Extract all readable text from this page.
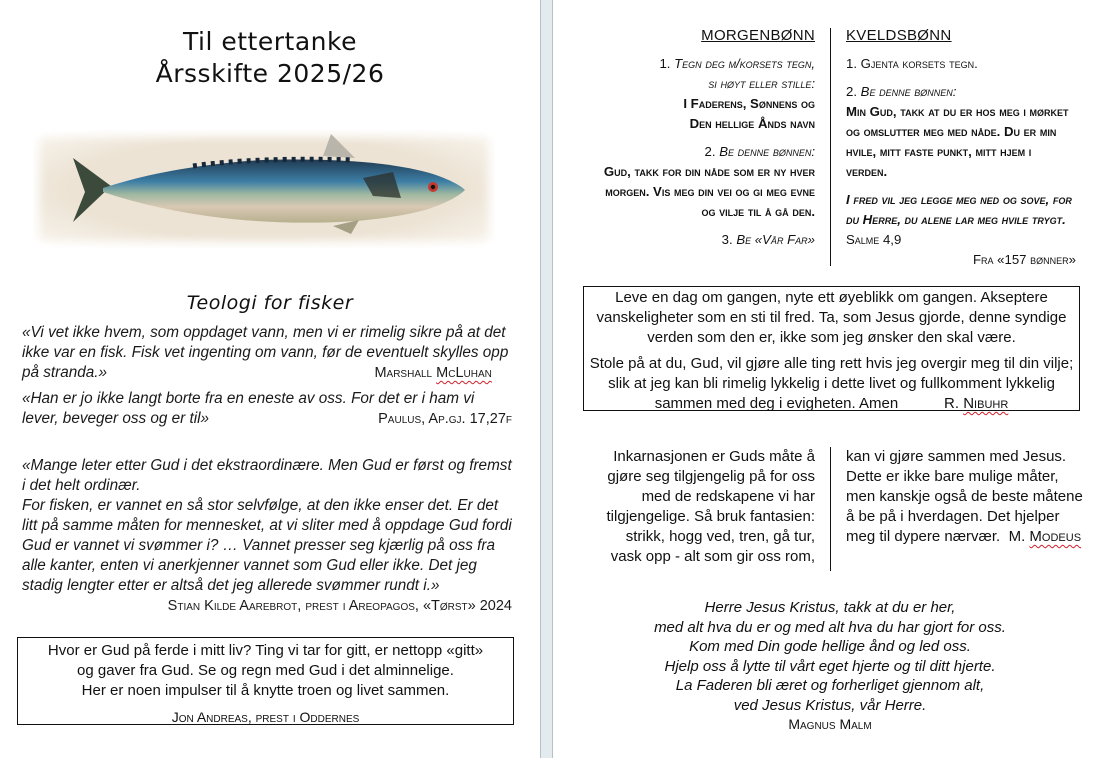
Til ettertanke
Årsskifte 2025/26
Teologi for fisker
«Vi vet ikke hvem, som oppdaget vann, men vi er rimelig sikre på at det ikke var en fisk. Fisk vet ingenting om vann, før de eventuelt skylles opp på stranda.»	Marshall McLuhan
«Han er jo ikke langt borte fra en eneste av oss. For det er i ham vi lever, beveger oss og er til»	Paulus, Ap.gj. 17,27f
«Mange leter etter Gud i det ekstraordinære. Men Gud er først og fremst i det helt ordinær.
For fisken, er vannet en så stor selvfølge, at den ikke enser det. Er det litt på samme måten for mennesket, at vi sliter med å oppdage Gud fordi Gud er vannet vi svømmer i? … Vannet presser seg kjærlig på oss fra alle kanter, enten vi anerkjenner vannet som Gud eller ikke. Det jeg stadig lengter etter er altså det jeg allerede svømmer rundt i.»
Stian Kilde Aarebrot, prest i Areopagos, «Tørst» 2024
Hvor er Gud på ferde i mitt liv? Ting vi tar for gitt, er nettopp «gitt»
og gaver fra Gud. Se og regn med Gud i det alminnelige.
Her er noen impulser til å knytte troen og livet sammen.
Jon Andreas, prest i Oddernes
MORGENBØNN
1. Tegn deg m/korsets tegn,
si høyt eller stille:
I Faderens, Sønnens og
Den hellige Ånds navn
2. Be denne bønnen:
Gud, takk for din nåde som er ny hver morgen. Vis meg din vei og gi meg evne og vilje til å gå den.
3. Be «Vår Far»
KVELDSBØNN
1. Gjenta korsets tegn.
2. Be denne bønnen:
Min Gud, takk at du er hos meg i mørket og omslutter meg med nåde. Du er min hvile, mitt faste punkt, mitt hjem i verden.
I fred vil jeg legge meg ned og sove, for du Herre, du alene lar meg hvile trygt. Salme 4,9
Fra «157 bønner»

Leve en dag om gangen, nyte ett øyeblikk om gangen. Akseptere vanskeligheter som en sti til fred. Ta, som Jesus gjorde, denne syndige verden som den er, ikke som jeg ønsker den skal være.

Stole på at du, Gud, vil gjøre alle ting rett hvis jeg overgir meg til din vilje; slik at jeg kan bli rimelig lykkelig i dette livet og fullkomment lykkelig sammen med deg i evigheten. Amen	R. Nibuhr

Inkarnasjonen er Guds måte å gjøre seg tilgjengelig på for oss med de redskapene vi har tilgjengelige. Så bruk fantasien: strikk, hogg ved, tren, gå tur, vask opp - alt som gir oss rom,
kan vi gjøre sammen med Jesus. Dette er ikke bare mulige måter, men kanskje også de beste måtene å be på i hverdagen. Det hjelper meg til dypere nærvær. M. Modeus
Herre Jesus Kristus, takk at du er her,
med alt hva du er og med alt hva du har gjort for oss.
Kom med Din gode hellige ånd og led oss.
Hjelp oss å lytte til vårt eget hjerte og til ditt hjerte.
La Faderen bli æret og forherliget gjennom alt,
ved Jesus Kristus, vår Herre.
Magnus Malm
